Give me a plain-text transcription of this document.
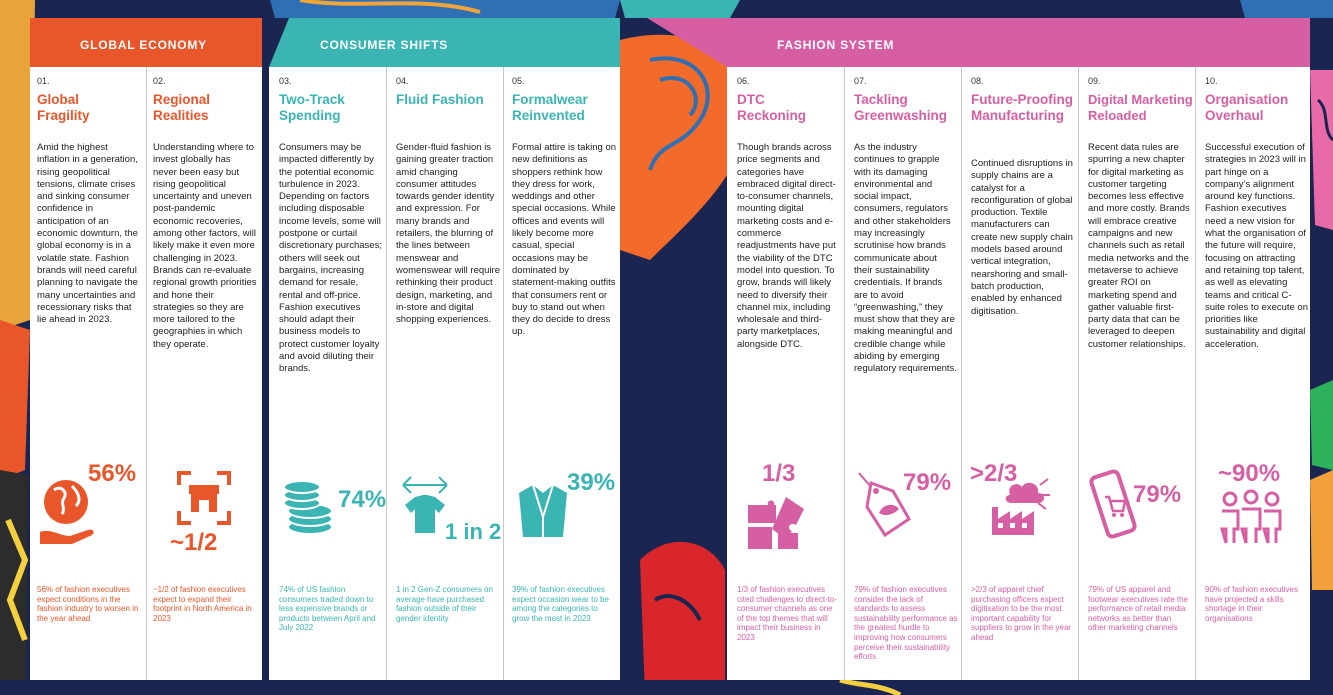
GLOBAL ECONOMY	CONSUMER SHIFTS	FASHION SYSTEM
01.

Global Fragility

Amid the highest inflation in a generation, rising geopolitical tensions, climate crises and sinking consumer confidence in anticipation of an economic downturn, the global economy is in a volatile state. Fashion brands will need careful planning to navigate the many uncertainties and recessionary risks that lie ahead in 2023.

56%

56% of fashion executives expect conditions in the fashion industry to worsen in the year ahead

02.

Regional Realities

Understanding where to invest globally has never been easy but rising geopolitical uncertainty and uneven post-pandemic economic recoveries, among other factors, will likely make it even more challenging in 2023. Brands can re-evaluate regional growth priorities and hone their strategies so they are more tailored to the geographies in which they operate.

~1/2

~1/2 of fashion executives expect to expand their footprint in North America in 2023

03.

Two-Track Spending

Consumers may be impacted differently by the potential economic turbulence in 2023. Depending on factors including disposable income levels, some will postpone or curtail discretionary purchases; others will seek out bargains, increasing demand for resale, rental and off-price. Fashion executives should adapt their business models to protect customer loyalty and avoid diluting their brands.

74%

74% of US fashion consumers traded down to less expensive brands or products between April and July 2022

04.

Fluid Fashion

Gender-fluid fashion is gaining greater traction amid changing consumer attitudes towards gender identity and expression. For many brands and retailers, the blurring of the lines between menswear and womenswear will require rethinking their product design, marketing, and in-store and digital shopping experiences.

1 in 2

1 in 2 Gen-Z consumers on average have purchased fashion outside of their gender identity

05.

Formalwear Reinvented

Formal attire is taking on new definitions as shoppers rethink how they dress for work, weddings and other special occasions. While offices and events will likely become more casual, special occasions may be dominated by statement-making outfits that consumers rent or buy to stand out when they do decide to dress up.

39%

39% of fashion executives expect occasion wear to be among the categories to grow the most in 2023

06.

DTC Reckoning

Though brands across price segments and categories have embraced digital direct-to-consumer channels, mounting digital marketing costs and e-commerce readjustments have put the viability of the DTC model into question. To grow, brands will likely need to diversify their channel mix, including wholesale and third-party marketplaces, alongside DTC.

1/3

1/3 of fashion executives cited challenges to direct-to-consumer channels as one of the top themes that will impact their business in 2023

07.

Tackling Greenwashing

As the industry continues to grapple with its damaging environmental and social impact, consumers, regulators and other stakeholders may increasingly scrutinise how brands communicate about their sustainability credentials. If brands are to avoid “greenwashing,” they must show that they are making meaningful and credible change while abiding by emerging regulatory requirements.

79%

79% of fashion executives consider the lack of standards to assess sustainability performance as the greatest hurdle to improving how consumers perceive their sustainability efforts

08.

Future-Proofing Manufacturing

Continued disruptions in supply chains are a catalyst for a reconfiguration of global production. Textile manufacturers can create new supply chain models based around vertical integration, nearshoring and small-batch production, enabled by enhanced digitisation.

>2/3

>2/3 of apparel chief purchasing officers expect digitisation to be the most important capability for suppliers to grow in the year ahead

09.

Digital Marketing Reloaded

Recent data rules are spurring a new chapter for digital marketing as customer targeting becomes less effective and more costly. Brands will embrace creative campaigns and new channels such as retail media networks and the metaverse to achieve greater ROI on marketing spend and gather valuable first-party data that can be leveraged to deepen customer relationships.

79%

79% of US apparel and footwear executives rate the performance of retail media networks as better than other marketing channels

10.

Organisation Overhaul

Successful execution of strategies in 2023 will in part hinge on a company’s alignment around key functions. Fashion executives need a new vision for what the organisation of the future will require, focusing on attracting and retaining top talent, as well as elevating teams and critical C-suite roles to execute on priorities like sustainability and digital acceleration.

~90%

90% of fashion executives have projected a skills shortage in their organisations
